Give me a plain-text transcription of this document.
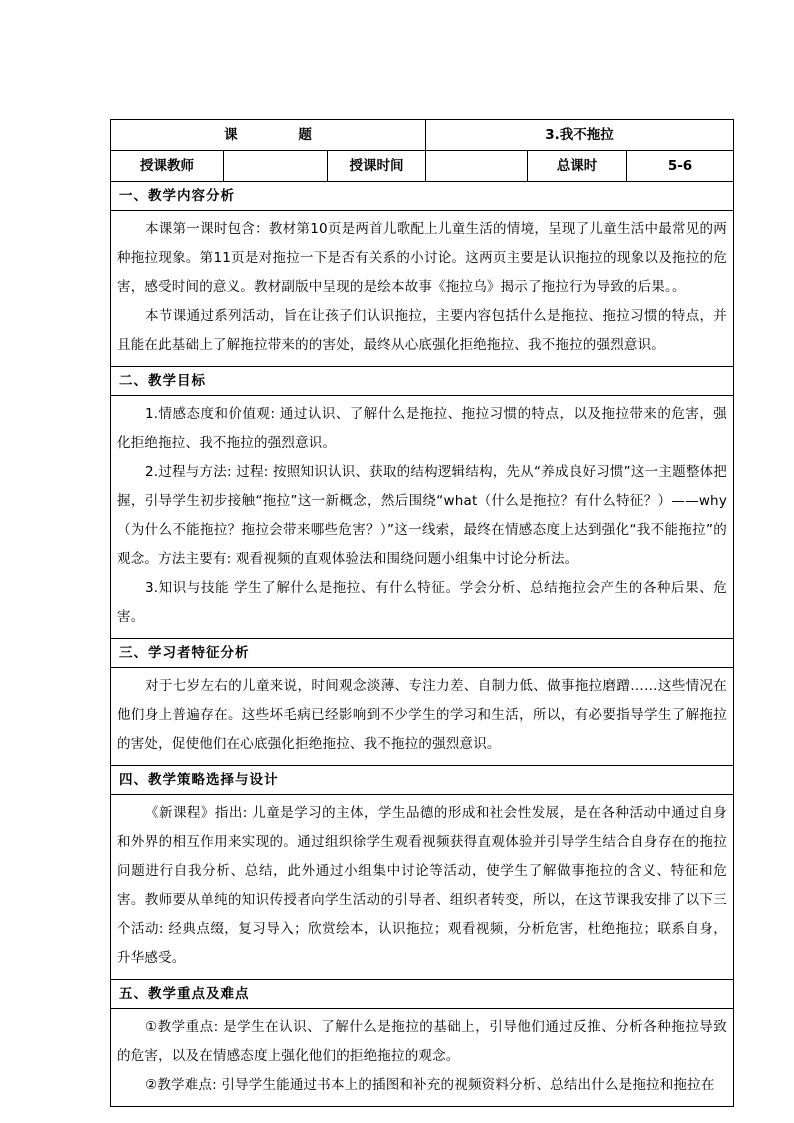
课 题			3.我不拖拉		
授课教师		授课时间		总课时	5-6
一、教学内容分析					

本课第一课时包含：教材第10页是两首儿歌配上儿童生活的情境，呈现了儿童生活中最常见的两种拖拉现象。第11页是对拖拉一下是否有关系的小讨论。这两页主要是认识拖拉的现象以及拖拉的危害，感受时间的意义。教材副版中呈现的是绘本故事《拖拉乌》揭示了拖拉行为导致的后果。。

本节课通过系列活动，旨在让孩子们认识拖拉，主要内容包括什么是拖拉、拖拉习惯的特点，并且能在此基础上了解拖拉带来的的害处，最终从心底强化拒绝拖拉、我不拖拉的强烈意识。					

二、教学目标					

1.情感态度和价值观: 通过认识、了解什么是拖拉、拖拉习惯的特点，以及拖拉带来的危害，强化拒绝拖拉、我不拖拉的强烈意识。

2.过程与方法: 过程: 按照知识认识、获取的结构逻辑结构，先从“养成良好习惯”这一主题整体把握，引导学生初步接触“拖拉”这一新概念，然后围绕“what（什么是拖拉？有什么特征？）——why（为什么不能拖拉？拖拉会带来哪些危害？）”这一线索，最终在情感态度上达到强化“我不能拖拉”的观念。方法主要有: 观看视频的直观体验法和围绕问题小组集中讨论分析法。

3.知识与技能 学生了解什么是拖拉、有什么特征。学会分析、总结拖拉会产生的各种后果、危害。					

三、学习者特征分析					

对于七岁左右的儿童来说，时间观念淡薄、专注力差、自制力低、做事拖拉磨蹭……这些情况在他们身上普遍存在。这些坏毛病已经影响到不少学生的学习和生活，所以，有必要指导学生了解拖拉的害处，促使他们在心底强化拒绝拖拉、我不拖拉的强烈意识。					

四、教学策略选择与设计					

《新课程》指出: 儿童是学习的主体，学生品德的形成和社会性发展，是在各种活动中通过自身和外界的相互作用来实现的。通过组织徐学生观看视频获得直观体验并引导学生结合自身存在的拖拉问题进行自我分析、总结，此外通过小组集中讨论等活动，使学生了解做事拖拉的含义、特征和危害。教师要从单纯的知识传授者向学生活动的引导者、组织者转变，所以，在这节课我安排了以下三个活动: 经典点缀，复习导入；欣赏绘本，认识拖拉；观看视频，分析危害，杜绝拖拉；联系自身，升华感受。					

五、教学重点及难点					

①教学重点: 是学生在认识、了解什么是拖拉的基础上，引导他们通过反推、分析各种拖拉导致的危害，以及在情感态度上强化他们的拒绝拖拉的观念。

②教学难点: 引导学生能通过书本上的插图和补充的视频资料分析、总结出什么是拖拉和拖拉在					
